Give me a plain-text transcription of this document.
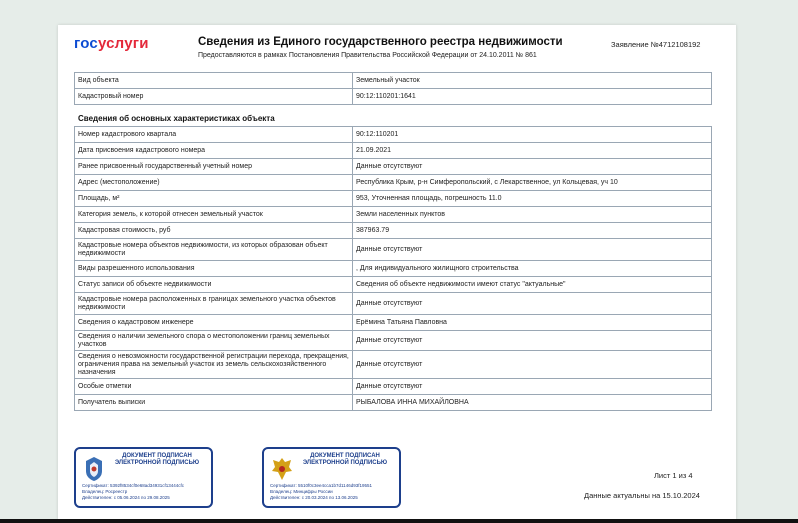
госуслуги	Сведения из Единого государственного реестра недвижимости
Предоставляются в рамках Постановления Правительства Российской Федерации от 24.10.2011 № 861
Заявление №4712108192
Вид объекта	Земельный участок
Кадастровый номер	90:12:110201:1641
Сведения об основных характеристиках объекта
Номер кадастрового квартала	90:12:110201
Дата присвоения кадастрового номера	21.09.2021
Ранее присвоенный государственный учетный номер	Данные отсутствуют
Адрес (местоположение)	Республика Крым, р-н Симферопольский, с Лекарственное, ул Кольцевая, уч 10
Площадь, м²	953, Уточненная площадь, погрешность 11.0
Категория земель, к которой отнесен земельный участок	Земли населенных пунктов
Кадастровая стоимость, руб	387963.79
Кадастровые номера объектов недвижимости, из которых образован объект недвижимости	Данные отсутствуют
Виды разрешенного использования	, Для индивидуального жилищного строительства
Статус записи об объекте недвижимости	Сведения об объекте недвижимости имеют статус "актуальные"
Кадастровые номера расположенных в границах земельного участка объектов недвижимости	Данные отсутствуют
Сведения о кадастровом инженере	Ерёмина Татьяна Павловна
Сведения о наличии земельного спора о местоположении границ земельных участков	Данные отсутствуют
Сведения о невозможности государственной регистрации перехода, прекращения, ограничения права на земельный участок из земель сельскохозяйственного назначения	Данные отсутствуют
Особые отметки	Данные отсутствуют
Получатель выписки	РЫБАЛОВА ИННА МИХАЙЛОВНА
ДОКУМЕНТ ПОДПИСАН ЭЛЕКТРОННОЙ ПОДПИСЬЮ
Сертификат: 5392f8534cf0e68ad34931cf13444cfc
Владелец: Росреестр
Действителен: с 05.06.2024 по 29.08.2025
ДОКУМЕНТ ПОДПИСАН ЭЛЕКТРОННОЙ ПОДПИСЬЮ
Сертификат: 5510f0c3ee4cca1b7d1146d93f19551
Владелец: Минцифры России
Действителен: с 20.03.2024 по 13.06.2025
Лист 1 из 4
Данные актуальны на 15.10.2024
